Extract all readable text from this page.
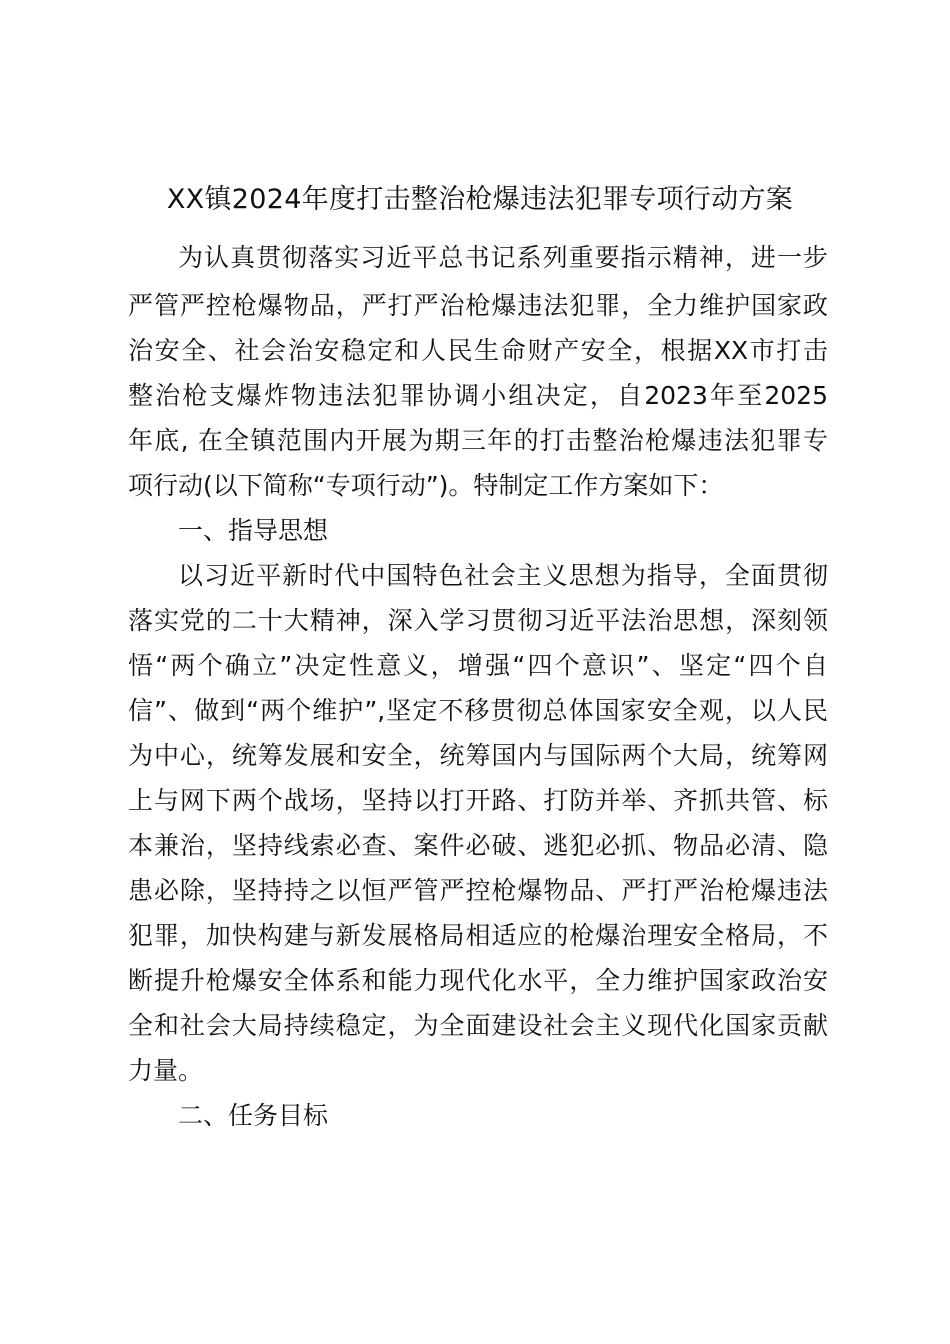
XX镇2024年度打击整治枪爆违法犯罪专项行动方案
为认真贯彻落实习近平总书记系列重要指示精神，进一步
严管严控枪爆物品，严打严治枪爆违法犯罪，全力维护国家政
治安全、社会治安稳定和人民生命财产安全，根据XX市打击
整治枪支爆炸物违法犯罪协调小组决定，自2023年至2025
年底, 在全镇范围内开展为期三年的打击整治枪爆违法犯罪专
项行动(以下简称“专项行动”)。特制定工作方案如下：
一、指导思想
以习近平新时代中国特色社会主义思想为指导，全面贯彻
落实党的二十大精神，深入学习贯彻习近平法治思想，深刻领
悟“两个确立”决定性意义，增强“四个意识”、坚定“四个自
信”、做到“两个维护”,坚定不移贯彻总体国家安全观，以人民
为中心，统筹发展和安全，统筹国内与国际两个大局，统筹网
上与网下两个战场，坚持以打开路、打防并举、齐抓共管、标
本兼治，坚持线索必查、案件必破、逃犯必抓、物品必清、隐
患必除，坚持持之以恒严管严控枪爆物品、严打严治枪爆违法
犯罪，加快构建与新发展格局相适应的枪爆治理安全格局，不
断提升枪爆安全体系和能力现代化水平，全力维护国家政治安
全和社会大局持续稳定，为全面建设社会主义现代化国家贡献
力量。
二、任务目标
